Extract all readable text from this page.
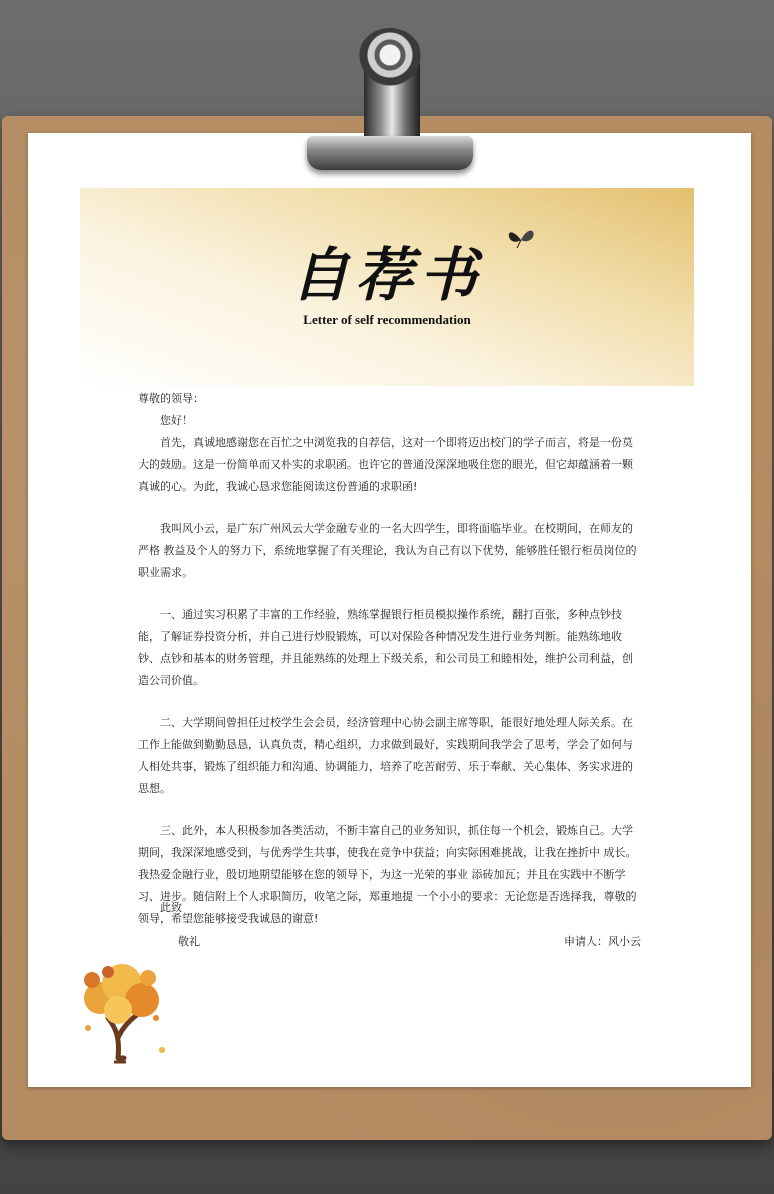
自荐书
Letter of self recommendation

尊敬的领导：

您好！

首先，真诚地感谢您在百忙之中浏览我的自荐信，这对一个即将迈出校门的学子而言，将是一份莫大的鼓励。这是一份简单而又朴实的求职函。也许它的普通没深深地吸住您的眼光，但它却蕴涵着一颗真诚的心。为此，我诚心恳求您能阅读这份普通的求职函!

我叫风小云，是广东广州风云大学金融专业的一名大四学生，即将面临毕业。在校期间，在师友的严格 教益及个人的努力下，系统地掌握了有关理论，我认为自己有以下优势，能够胜任银行柜员岗位的职业需求。

一、通过实习积累了丰富的工作经验，熟练掌握银行柜员模拟操作系统，翻打百张，多种点钞技能，了解证券投资分析，并自己进行炒股锻炼，可以对保险各种情况发生进行业务判断。能熟练地收钞、点钞和基本的财务管理，并且能熟练的处理上下级关系，和公司员工和睦相处，维护公司利益，创造公司价值。

二、大学期间曾担任过校学生会会员，经济管理中心协会副主席等职，能很好地处理人际关系。在工作上能做到勤勤恳恳，认真负责，精心组织，力求做到最好，实践期间我学会了思考，学会了如何与人相处共事，锻炼了组织能力和沟通、协调能力，培养了吃苦耐劳、乐于奉献、关心集体、务实求进的思想。

三、此外，本人积极参加各类活动，不断丰富自己的业务知识，抓住每一个机会，锻炼自己。大学期间，我深深地感受到，与优秀学生共事，使我在竞争中获益；向实际困难挑战，让我在挫折中 成长。我热爱金融行业，殷切地期望能够在您的领导下，为这一光荣的事业 添砖加瓦；并且在实践中不断学习、进步。随信附上个人求职简历，收笔之际，郑重地提 一个小小的要求：无论您是否选择我，尊敬的领导，希望您能够接受我诚恳的谢意!

此致
敬礼	申请人：风小云
